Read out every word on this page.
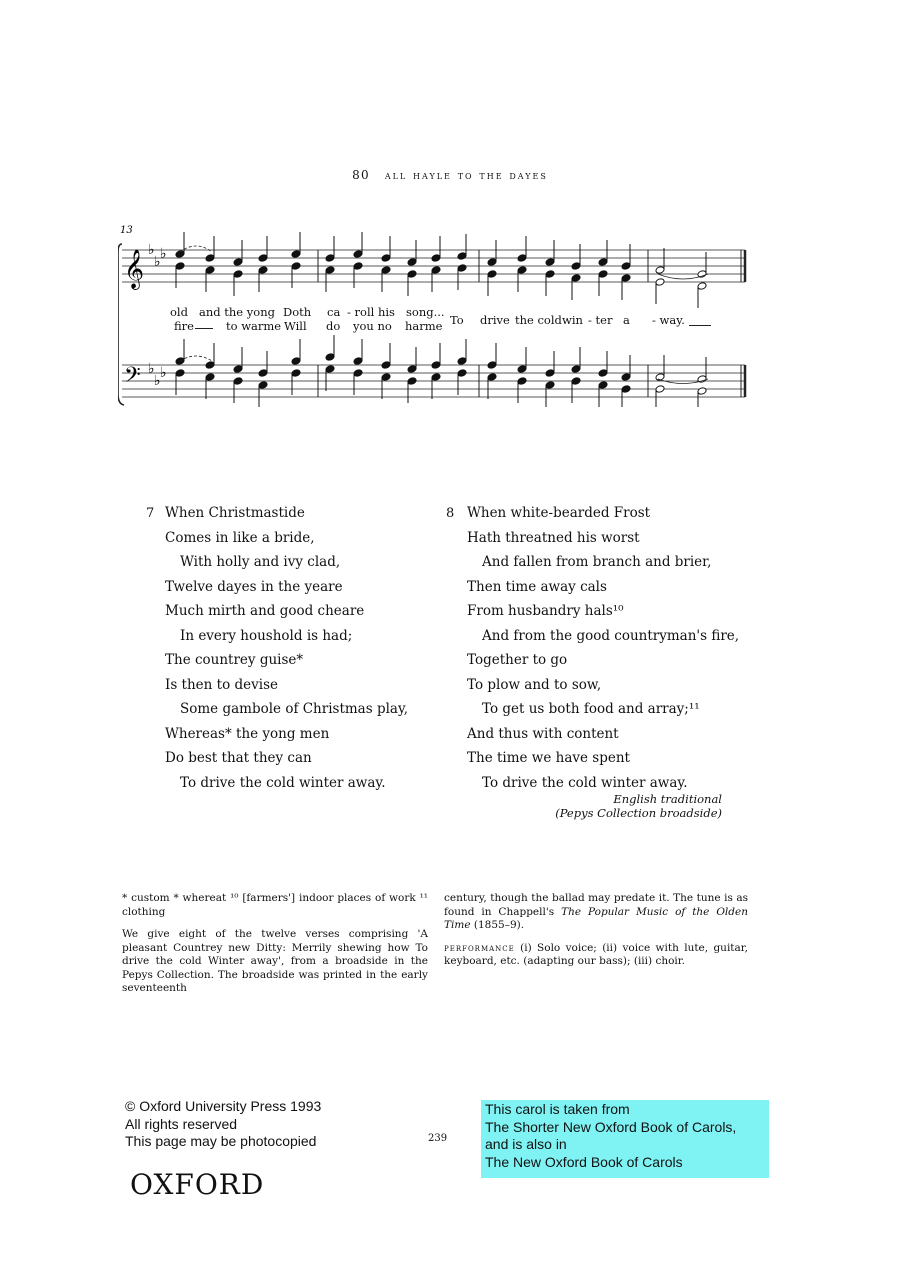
80 all hayle to the dayes
13
𝄞
𝄢
♭
♭ ♭
♭
♭ ♭
old and the yong Doth ca - roll his song...
fire	to warme Will do you no harme To drive the cold win - ter a - way.
7 When Christmastide
Comes in like a bride,
With holly and ivy clad,
Twelve dayes in the yeare
Much mirth and good cheare
In every houshold is had;
The countrey guise*
Is then to devise
Some gambole of Christmas play,
Whereas* the yong men
Do best that they can
To drive the cold winter away.
8 When white-bearded Frost
Hath threatned his worst
And fallen from branch and brier,
Then time away cals
From husbandry hals¹⁰
And from the good countryman's fire,
Together to go
To plow and to sow,
To get us both food and array;¹¹
And thus with content
The time we have spent
To drive the cold winter away.
English traditional
(Pepys Collection broadside)

* custom * whereat ¹⁰ [farmers'] indoor places of work ¹¹ clothing

We give eight of the twelve verses comprising 'A pleasant Countrey new Ditty: Merrily shewing how To drive the cold Winter away', from a broadside in the Pepys Collection. The broadside was printed in the early seventeenth

century, though the ballad may predate it. The tune is as found in Chappell's The Popular Music of the Olden Time (1855–9).

performance (i) Solo voice; (ii) voice with lute, guitar, keyboard, etc. (adapting our bass); (iii) choir.

© Oxford University Press 1993
All rights reserved
This page may be photocopied	239
OXFORD
This carol is taken from
The Shorter New Oxford Book of Carols,
and is also in
The New Oxford Book of Carols
